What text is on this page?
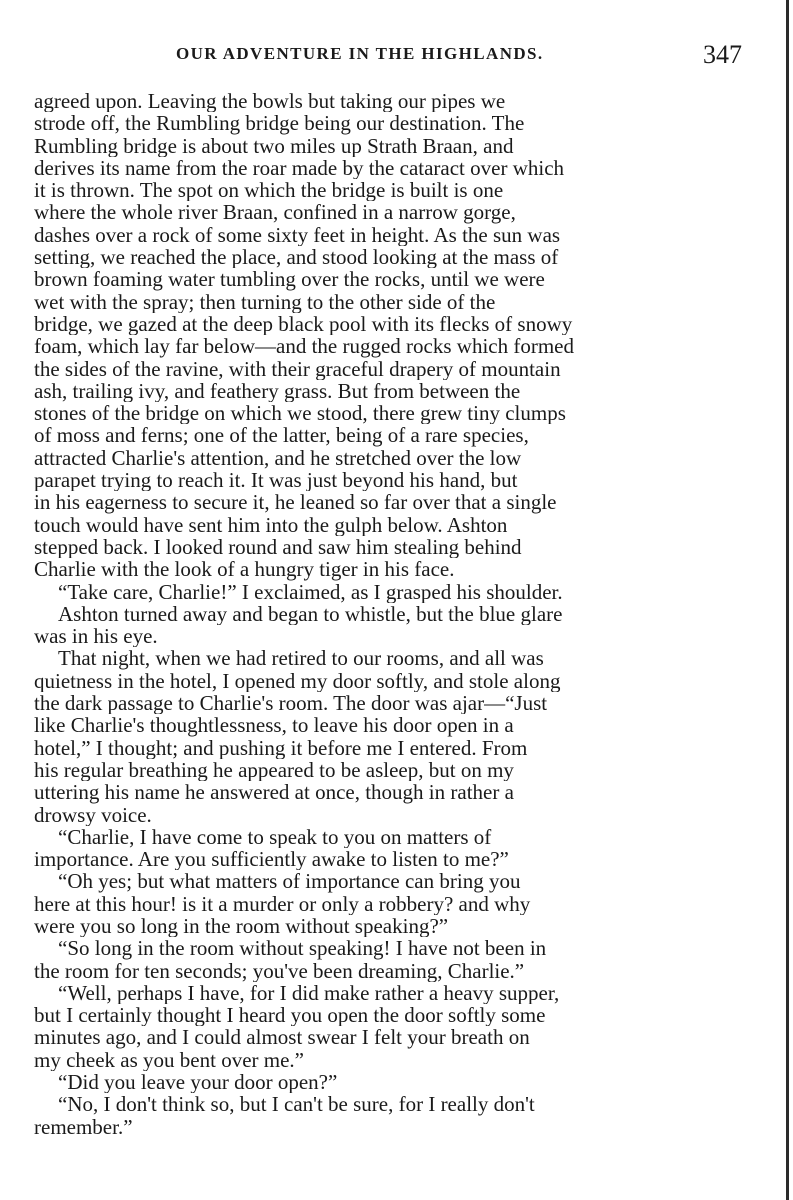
OUR ADVENTURE IN THE HIGHLANDS.	347
agreed upon. Leaving the bowls but taking our pipes we
strode off, the Rumbling bridge being our destination. The
Rumbling bridge is about two miles up Strath Braan, and
derives its name from the roar made by the cataract over which
it is thrown. The spot on which the bridge is built is one
where the whole river Braan, confined in a narrow gorge,
dashes over a rock of some sixty feet in height. As the sun was
setting, we reached the place, and stood looking at the mass of
brown foaming water tumbling over the rocks, until we were
wet with the spray; then turning to the other side of the
bridge, we gazed at the deep black pool with its flecks of snowy
foam, which lay far below—and the rugged rocks which formed
the sides of the ravine, with their graceful drapery of mountain
ash, trailing ivy, and feathery grass. But from between the
stones of the bridge on which we stood, there grew tiny clumps
of moss and ferns; one of the latter, being of a rare species,
attracted Charlie's attention, and he stretched over the low
parapet trying to reach it. It was just beyond his hand, but
in his eagerness to secure it, he leaned so far over that a single
touch would have sent him into the gulph below. Ashton
stepped back. I looked round and saw him stealing behind
Charlie with the look of a hungry tiger in his face.
“Take care, Charlie!” I exclaimed, as I grasped his shoulder.
Ashton turned away and began to whistle, but the blue glare
was in his eye.
That night, when we had retired to our rooms, and all was
quietness in the hotel, I opened my door softly, and stole along
the dark passage to Charlie's room. The door was ajar—“Just
like Charlie's thoughtlessness, to leave his door open in a
hotel,” I thought; and pushing it before me I entered. From
his regular breathing he appeared to be asleep, but on my
uttering his name he answered at once, though in rather a
drowsy voice.
“Charlie, I have come to speak to you on matters of
importance. Are you sufficiently awake to listen to me?”
“Oh yes; but what matters of importance can bring you
here at this hour! is it a murder or only a robbery? and why
were you so long in the room without speaking?”
“So long in the room without speaking! I have not been in
the room for ten seconds; you've been dreaming, Charlie.”
“Well, perhaps I have, for I did make rather a heavy supper,
but I certainly thought I heard you open the door softly some
minutes ago, and I could almost swear I felt your breath on
my cheek as you bent over me.”
“Did you leave your door open?”
“No, I don't think so, but I can't be sure, for I really don't
remember.”
